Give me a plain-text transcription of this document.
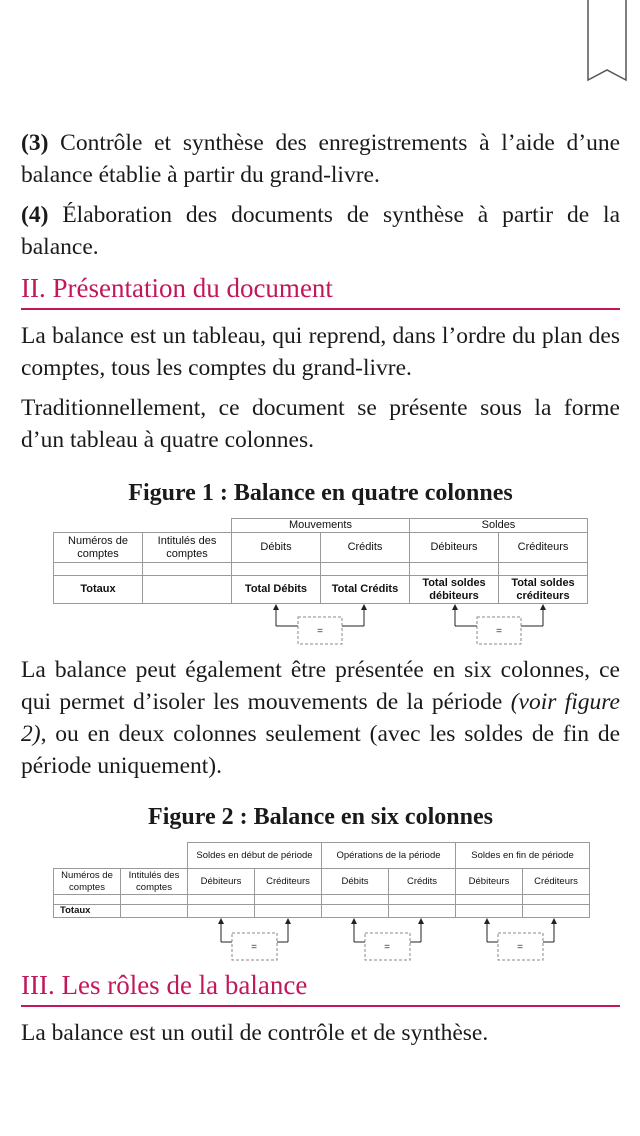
(3) Contrôle et synthèse des enregistrements à l’aide d’une balance établie à partir du grand-livre.

(4) Élaboration des documents de synthèse à partir de la balance.

II. Présentation du document

La balance est un tableau, qui reprend, dans l’ordre du plan des comptes, tous les comptes du grand-livre.

Traditionnellement, ce document se présente sous la forme d’un tableau à quatre colonnes.

Figure 1 : Balance en quatre colonnes
		Mouvements		Soldes	
Numéros de comptes	Intitulés des comptes	Débits	Crédits	Débiteurs	Créditeurs

Totaux		Total Débits	Total Crédits	Total soldes débiteurs	Total soldes créditeurs
=	=

La balance peut également être présentée en six colonnes, ce qui permet d’isoler les mouvements de la période (voir figure 2), ou en deux colonnes seulement (avec les soldes de fin de période uniquement).

Figure 2 : Balance en six colonnes
		Soldes en début de période		Opérations de la période		Soldes en fin de période	
Numéros de comptes	Intitulés des comptes	Débiteurs	Créditeurs	Débits	Crédits	Débiteurs	Créditeurs

Totaux							
=	=	=
III. Les rôles de la balance

La balance est un outil de contrôle et de synthèse.
